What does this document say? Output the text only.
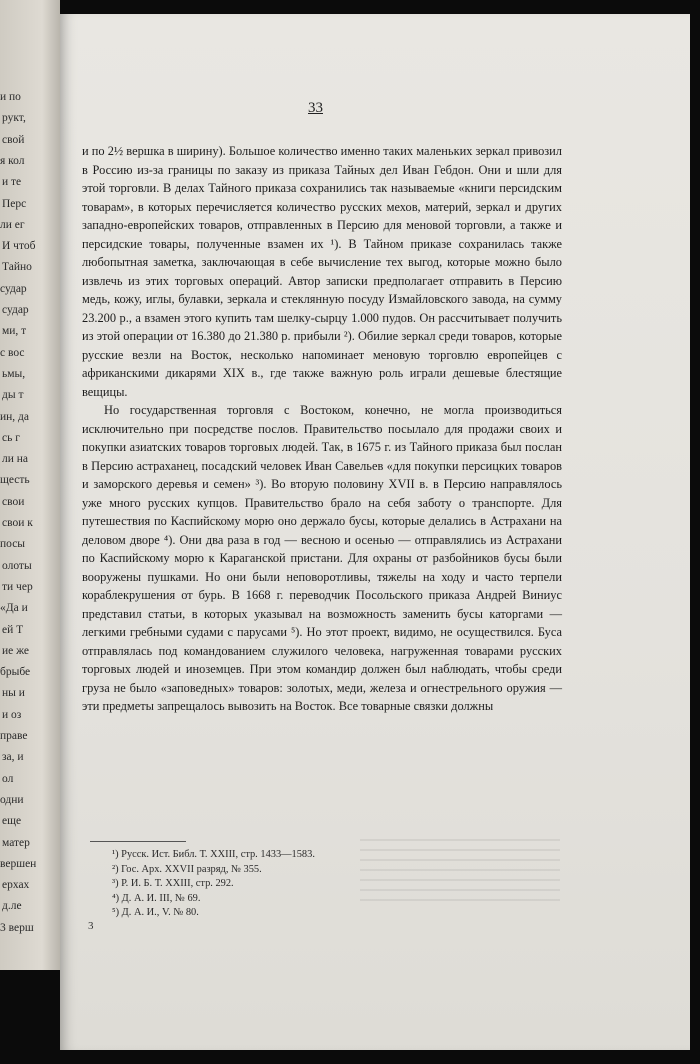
и по
рукт,
свой
я кол
и те
Перс
ли ег
И чтоб
Тайно
судар
судар
ми, т
с вос
ьмы,
ды т
ин, да
сь г
ли на
щесть
свои
свои к
посы
олоты
ти чер
«Да и
ей Т
ие же
брыбе
ны и
и оз
праве
за, и
ол
одни
еще
матер
вершен
ерхах
д.ле
3 верш
33

и по 2½ вершка в ширину). Большое количество именно таких маленьких зеркал привозил в Россию из-за границы по заказу из приказа Тайных дел Иван Гебдон. Они и шли для этой торговли. В делах Тайного приказа сохранились так называемые «книги персидским товарам», в которых перечисляется количество русских мехов, материй, зеркал и других западно-европейских товаров, отправленных в Персию для меновой торговли, а также и персидские товары, полученные взамен их ¹). В Тайном приказе сохранилась также любопытная заметка, заключающая в себе вычисление тех выгод, которые можно было извлечь из этих торговых операций. Автор записки предполагает отправить в Персию медь, кожу, иглы, булавки, зеркала и стеклянную посуду Измайловского завода, на сумму 23.200 р., а взамен этого купить там шелку-сырцу 1.000 пудов. Он рассчитывает получить из этой операции от 16.380 до 21.380 р. прибыли ²). Обилие зеркал среди товаров, которые русские везли на Восток, несколько напоминает меновую торговлю европейцев с африканскими дикарями XIX в., где также важную роль играли дешевые блестящие вещицы.

Но государственная торговля с Востоком, конечно, не могла производиться исключительно при посредстве послов. Правительство посылало для продажи своих и покупки азиатских товаров торговых людей. Так, в 1675 г. из Тайного приказа был послан в Персию астраханец, посадский человек Иван Савельев «для покупки персицких товаров и заморского деревья и семен» ³). Во вторую половину XVII в. в Персию направлялось уже много русских купцов. Правительство брало на себя заботу о транспорте. Для путешествия по Каспийскому морю оно держало бусы, которые делались в Астрахани на деловом дворе ⁴). Они два раза в год — весною и осенью — отправлялись из Астрахани по Каспийскому морю к Караганской пристани. Для охраны от разбойников бусы были вооружены пушками. Но они были неповоротливы, тяжелы на ходу и часто терпели кораблекрушения от бурь. В 1668 г. переводчик Посольского приказа Андрей Виниус представил статьи, в которых указывал на возможность заменить бусы каторгами — легкими гребными судами с парусами ⁵). Но этот проект, видимо, не осуществился. Буса отправлялась под командованием служилого человека, нагруженная товарами русских торговых людей и иноземцев. При этом командир должен был наблюдать, чтобы среди груза не было «заповедных» товаров: золотых, меди, железа и огнестрельного оружия — эти предметы запрещалось вывозить на Восток. Все товарные связки должны

¹) Русск. Ист. Библ. Т. XXIII, стр. 1433—1583.
²) Гос. Арх. XXVII разряд, № 355.
³) Р. И. Б. Т. XXIII, стр. 292.
⁴) Д. А. И. III, № 69.
⁵) Д. А. И., V. № 80.
3
